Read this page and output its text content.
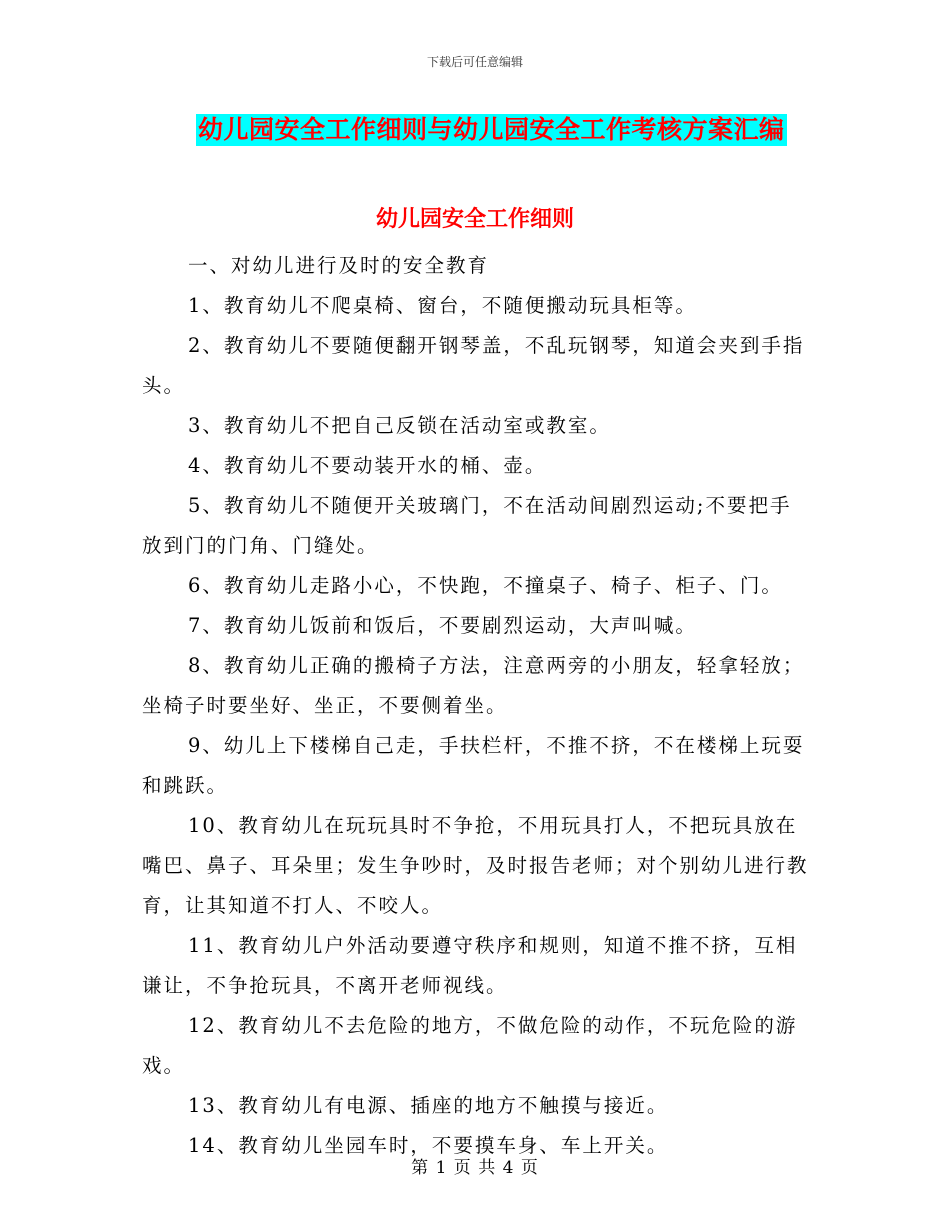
下载后可任意编辑
幼儿园安全工作细则与幼儿园安全工作考核方案汇编
幼儿园安全工作细则

一、对幼儿进行及时的安全教育

1、教育幼儿不爬桌椅、窗台，不随便搬动玩具柜等。

2、教育幼儿不要随便翻开钢琴盖，不乱玩钢琴，知道会夹到手指头。

3、教育幼儿不把自己反锁在活动室或教室。

4、教育幼儿不要动装开水的桶、壶。

5、教育幼儿不随便开关玻璃门，不在活动间剧烈运动;不要把手放到门的门角、门缝处。

6、教育幼儿走路小心，不快跑，不撞桌子、椅子、柜子、门。

7、教育幼儿饭前和饭后，不要剧烈运动，大声叫喊。

8、教育幼儿正确的搬椅子方法，注意两旁的小朋友，轻拿轻放；坐椅子时要坐好、坐正，不要侧着坐。

9、幼儿上下楼梯自己走，手扶栏杆，不推不挤，不在楼梯上玩耍和跳跃。

10、教育幼儿在玩玩具时不争抢，不用玩具打人，不把玩具放在嘴巴、鼻子、耳朵里；发生争吵时，及时报告老师；对个别幼儿进行教育，让其知道不打人、不咬人。

11、教育幼儿户外活动要遵守秩序和规则，知道不推不挤，互相谦让，不争抢玩具，不离开老师视线。

12、教育幼儿不去危险的地方，不做危险的动作，不玩危险的游戏。

13、教育幼儿有电源、插座的地方不触摸与接近。

14、教育幼儿坐园车时，不要摸车身、车上开关。

第 1 页 共 4 页
